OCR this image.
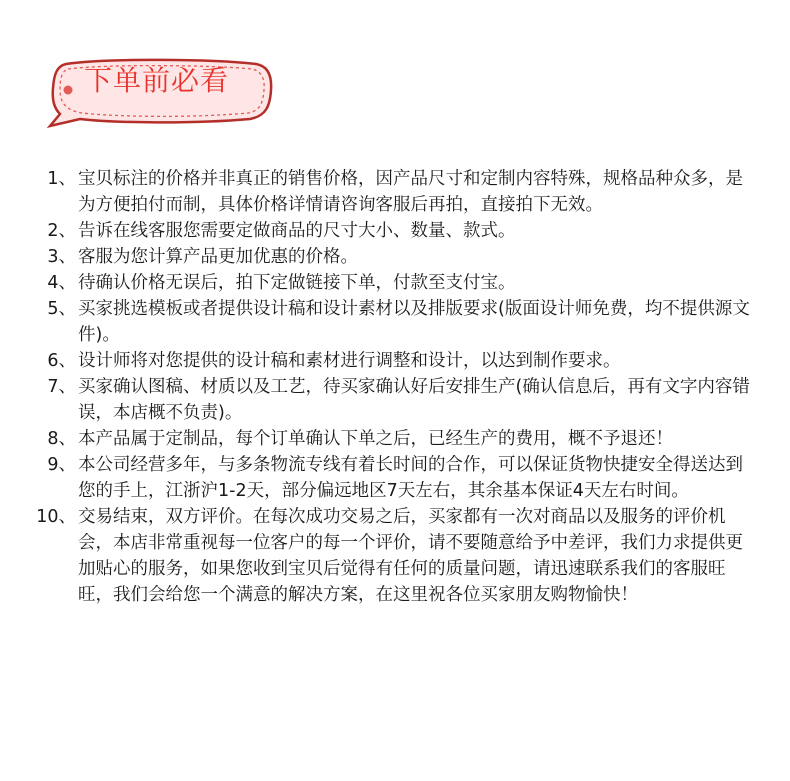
下单前必看
1、 宝贝标注的价格并非真正的销售价格，因产品尺寸和定制内容特殊，规格品种众多，是为方便拍付而制，具体价格详情请咨询客服后再拍，直接拍下无效。
2、 告诉在线客服您需要定做商品的尺寸大小、数量、款式。
3、 客服为您计算产品更加优惠的价格。
4、 待确认价格无误后，拍下定做链接下单，付款至支付宝。
5、 买家挑选模板或者提供设计稿和设计素材以及排版要求(版面设计师免费，均不提供源文件)。
6、 设计师将对您提供的设计稿和素材进行调整和设计，以达到制作要求。
7、 买家确认图稿、材质以及工艺，待买家确认好后安排生产(确认信息后，再有文字内容错误，本店概不负责)。
8、 本产品属于定制品，每个订单确认下单之后，已经生产的费用，概不予退还！
9、 本公司经营多年，与多条物流专线有着长时间的合作，可以保证货物快捷安全得送达到您的手上，江浙沪1-2天，部分偏远地区7天左右，其余基本保证4天左右时间。
10、 交易结束，双方评价。在每次成功交易之后，买家都有一次对商品以及服务的评价机会，本店非常重视每一位客户的每一个评价，请不要随意给予中差评，我们力求提供更加贴心的服务，如果您收到宝贝后觉得有任何的质量问题，请迅速联系我们的客服旺旺，我们会给您一个满意的解决方案，在这里祝各位买家朋友购物愉快！
